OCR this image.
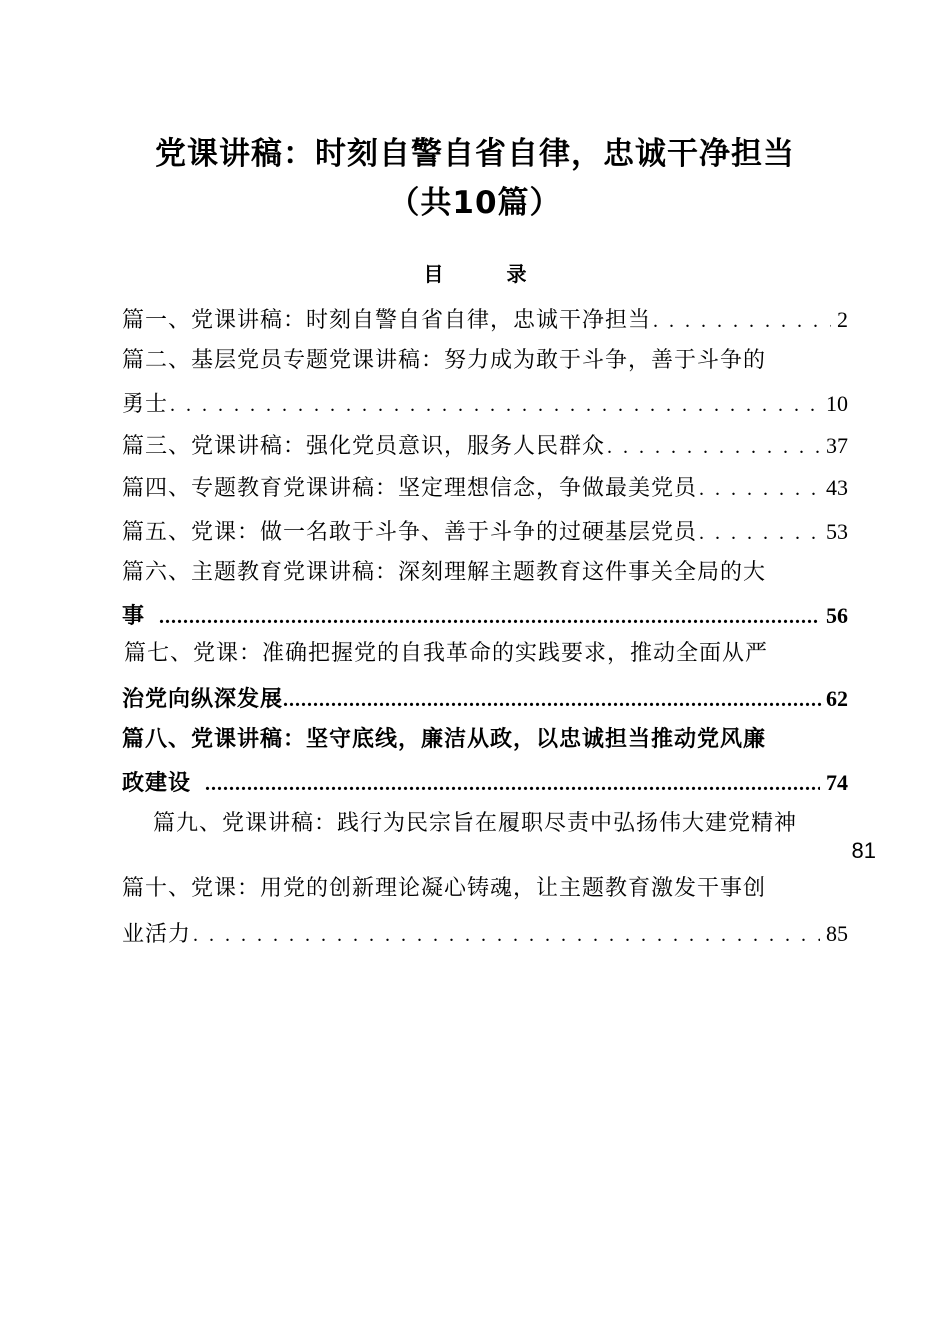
党课讲稿：时刻自警自省自律，忠诚干净担当
（共10篇）
目 录
篇一、党课讲稿：时刻自警自省自律，忠诚干净担当 . . .	2
篇二、基层党员专题党课讲稿：努力成为敢于斗争，善于斗争的
勇士 . . .	10
篇三、党课讲稿：强化党员意识，服务人民群众 . . .	37
篇四、专题教育党课讲稿：坚定理想信念，争做最美党员 . . .	43
篇五、党课：做一名敢于斗争、善于斗争的过硬基层党员 . . .	53
篇六、主题教育党课讲稿：深刻理解主题教育这件事关全局的大
事 .....	56
篇七、党课：准确把握党的自我革命的实践要求，推动全面从严
治党向纵深发展 .....	62
篇八、党课讲稿：坚守底线，廉洁从政，以忠诚担当推动党风廉
政建设 .....	74
篇九、党课讲稿：践行为民宗旨在履职尽责中弘扬伟大建党精神
81
篇十、党课：用党的创新理论凝心铸魂，让主题教育激发干事创
业活力 . . .	85
